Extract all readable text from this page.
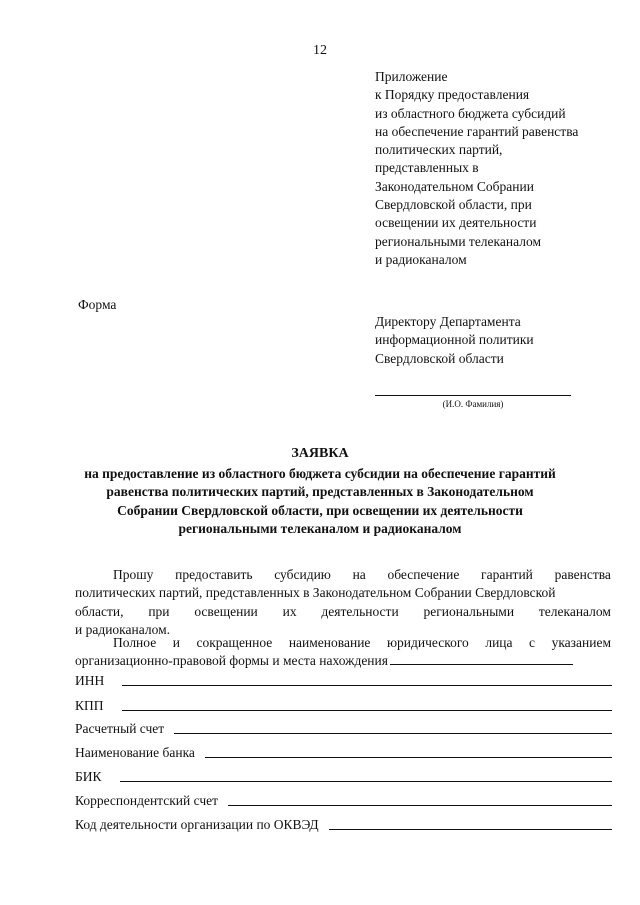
12
Приложение
к Порядку предоставления
из областного бюджета субсидий
на обеспечение гарантий равенства
политических партий,
представленных в
Законодательном Собрании
Свердловской области, при
освещении их деятельности
региональными телеканалом
и радиоканалом
Форма
Директору Департамента
информационной политики
Свердловской области
(И.О. Фамилия)
ЗАЯВКА
на предоставление из областного бюджета субсидии на обеспечение гарантий
равенства политических партий, представленных в Законодательном
Собрании Свердловской области, при освещении их деятельности
региональными телеканалом и радиоканалом
Прошу предоставить субсидию на обеспечение гарантий равенства
политических партий, представленных в Законодательном Собрании Свердловской
области, при освещении их деятельности региональными телеканалом
и радиоканалом.
Полное и сокращенное наименование юридического лица с указанием
организационно-правовой формы и места нахождения
ИНН
КПП
Расчетный счет
Наименование банка
БИК
Корреспондентский счет
Код деятельности организации по ОКВЭД
